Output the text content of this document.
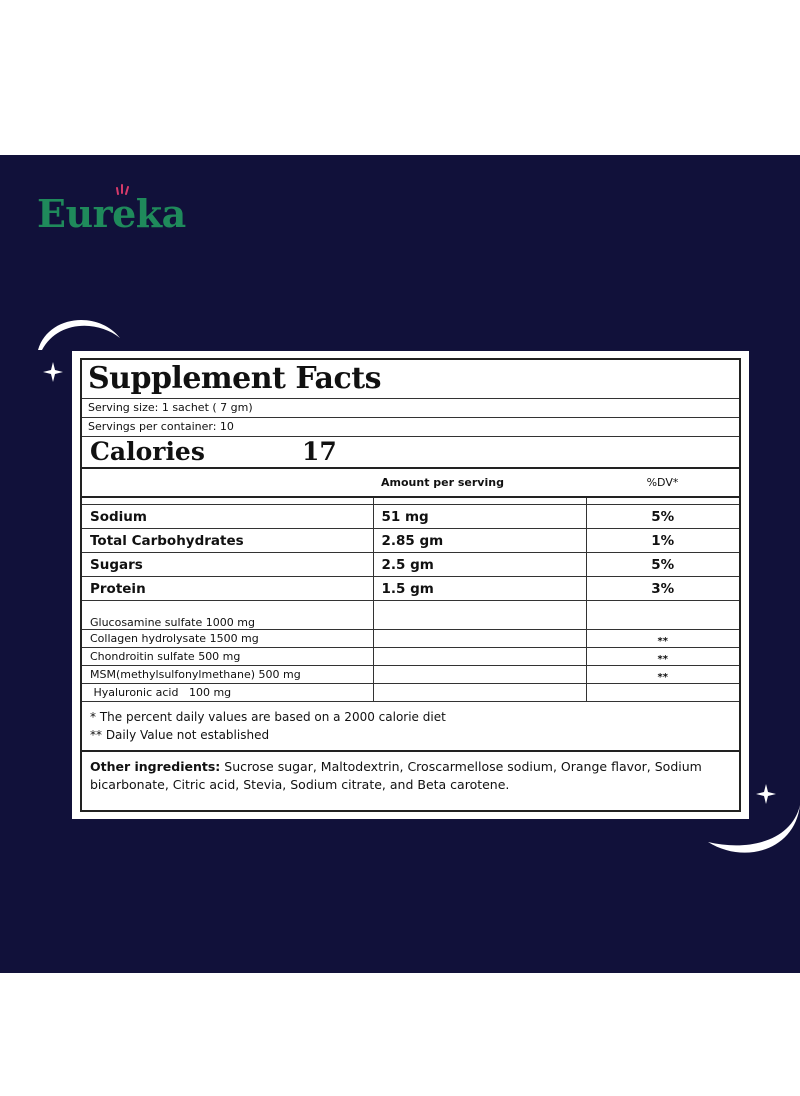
Eureka
Supplement Facts
Serving size: 1 sachet ( 7 gm)
Servings per container: 10
Calories	17
	Amount per serving	%DV*

Sodium	51 mg	5%
Total Carbohydrates	2.85 gm	1%
Sugars	2.5 gm	5%
Protein	1.5 gm	3%
Glucosamine sulfate 1000 mg		
Collagen hydrolysate 1500 mg		**
Chondroitin sulfate 500 mg		**
MSM(methylsulfonylmethane) 500 mg		**
Hyaluronic acid   100 mg		
* The percent daily values are based on a 2000 calorie diet
** Daily Value not established
Other ingredients: Sucrose sugar, Maltodextrin, Croscarmellose sodium, Orange flavor, Sodium bicarbonate, Citric acid, Stevia, Sodium citrate, and Beta carotene.
